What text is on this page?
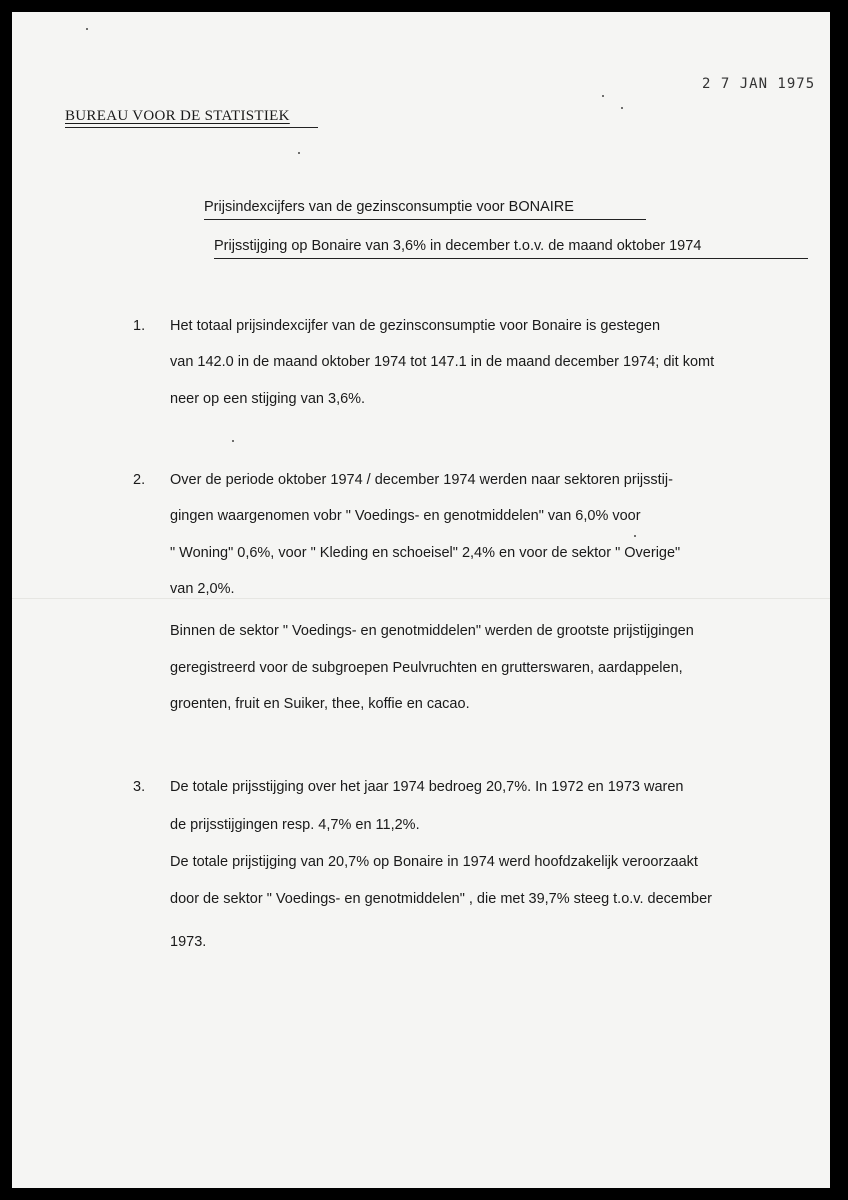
2 7 JAN 1975
BUREAU VOOR DE STATISTIEK
Prijsindexcijfers van de gezinsconsumptie voor BONAIRE
Prijsstijging op Bonaire van 3,6% in december t.o.v. de maand oktober 1974
1. Het totaal prijsindexcijfer van de gezinsconsumptie voor Bonaire is gestegen
van 142.0 in de maand oktober 1974 tot 147.1 in de maand december 1974; dit komt
neer op een stijging van 3,6%.
2. Over de periode oktober 1974 / december 1974 werden naar sektoren prijsstij-
gingen waargenomen vobr " Voedings- en genotmiddelen" van 6,0% voor
" Woning" 0,6%, voor " Kleding en schoeisel" 2,4% en voor de sektor " Overige"
van 2,0%.
Binnen de sektor " Voedings- en genotmiddelen" werden de grootste prijstijgingen
geregistreerd voor de subgroepen Peulvruchten en grutterswaren, aardappelen,
groenten, fruit en Suiker, thee, koffie en cacao.
3. De totale prijsstijging over het jaar 1974 bedroeg 20,7%. In 1972 en 1973 waren
de prijsstijgingen resp. 4,7% en 11,2%.
De totale prijstijging van 20,7% op Bonaire in 1974 werd hoofdzakelijk veroorzaakt
door de sektor " Voedings- en genotmiddelen" , die met 39,7% steeg t.o.v. december
1973.
